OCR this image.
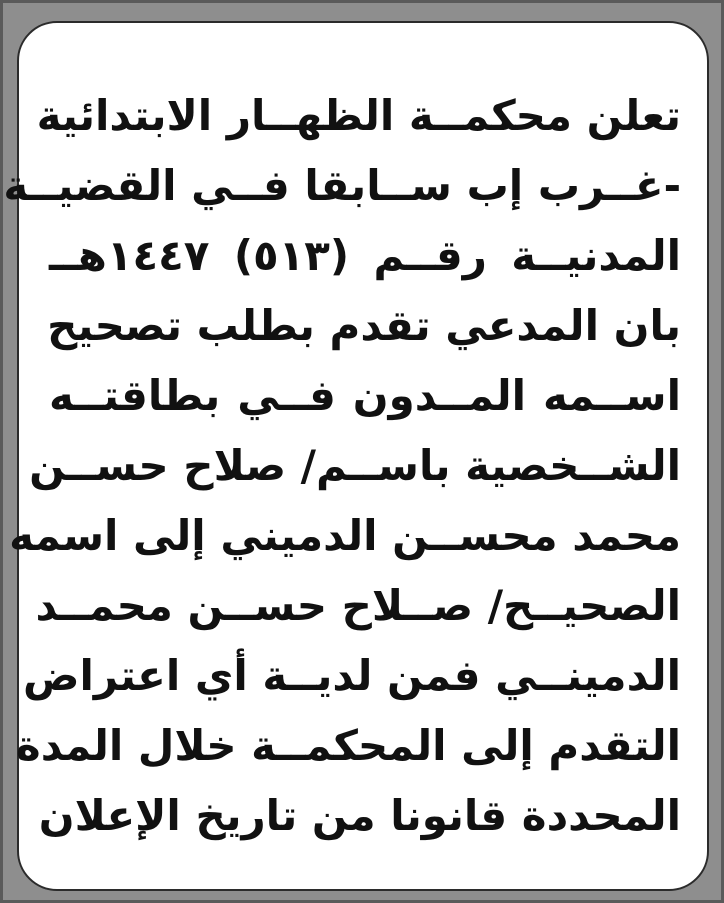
تعلن محكمــة الظهــار الابتدائية
-غــرب إب ســابقا فــي القضيــة
المدنيــة رقــم (٥١٣) ١٤٤٧هــ
بان المدعي تقدم بطلب تصحيح
اســمه المــدون فــي بطاقتــه
الشــخصية باســم/ صلاح حســن
محمد محســن الدميني إلى اسمه
الصحيــح/ صــلاح حســن محمــد
الدمينــي فمن لديــة أي اعتراض
التقدم إلى المحكمــة خلال المدة
المحددة قانونا من تاريخ الإعلان
